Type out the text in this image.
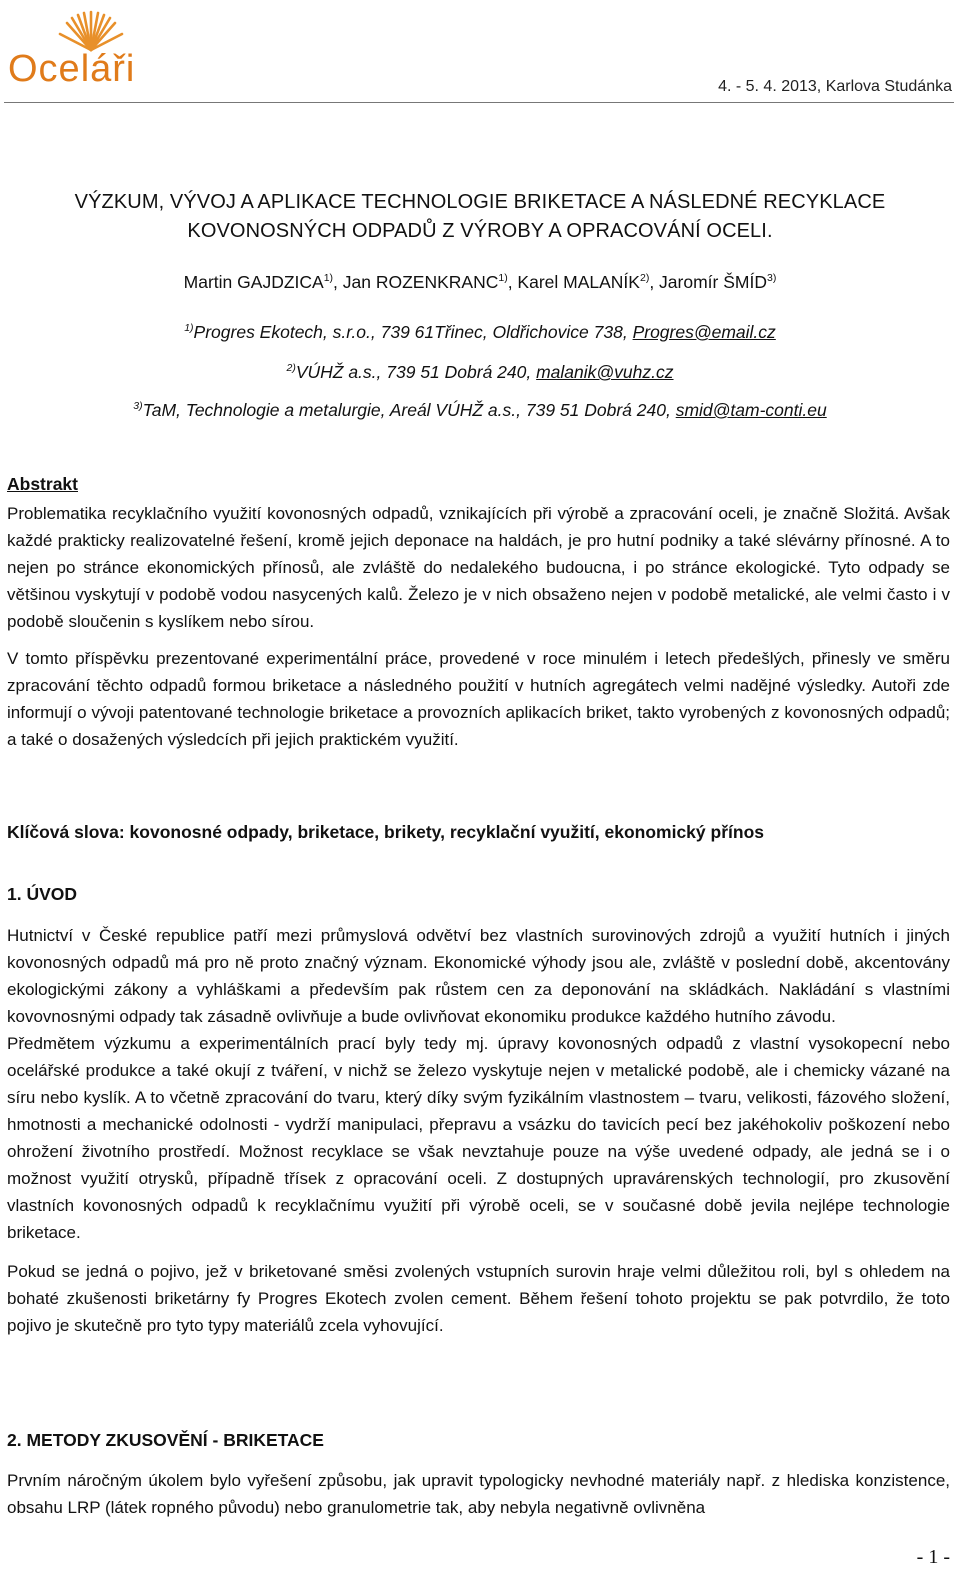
Oceláři	4. - 5. 4. 2013, Karlova Studánka
VÝZKUM, VÝVOJ A APLIKACE TECHNOLOGIE BRIKETACE A NÁSLEDNÉ RECYKLACE
KOVONOSNÝCH ODPADŮ Z VÝROBY A OPRACOVÁNÍ OCELI.
Martin GAJDZICA$^{1)}$, Jan ROZENKRANC$^{1)}$, Karel MALANÍK$^{2)}$, Jaromír ŠMÍD$^{3)}$
$^{1)}$Progres Ekotech, s.r.o., 739 61Třinec, Oldřichovice 738, Progres@email.cz
$^{2)}$VÚHŽ a.s., 739 51 Dobrá 240, malanik@vuhz.cz
$^{3)}$TaM, Technologie a metalurgie, Areál VÚHŽ a.s., 739 51 Dobrá 240, smid@tam-conti.eu
Abstrakt

Problematika recyklačního využití kovonosných odpadů, vznikajících při výrobě a zpracování oceli, je značně Složitá. Avšak každé prakticky realizovatelné řešení, kromě jejich deponace na haldách, je pro hutní podniky a také slévárny přínosné. A to nejen po stránce ekonomických přínosů, ale zvláště do nedalekého budoucna, i po stránce ekologické. Tyto odpady se většinou vyskytují v podobě vodou nasycených kalů. Železo je v nich obsaženo nejen v podobě metalické, ale velmi často i v podobě sloučenin s kyslíkem nebo sírou.

V tomto příspěvku prezentované experimentální práce, provedené v roce minulém i letech předešlých, přinesly ve směru zpracování těchto odpadů formou briketace a následného použití v hutních agregátech velmi nadějné výsledky. Autoři zde informují o vývoji patentované technologie briketace a provozních aplikacích briket, takto vyrobených z kovonosných odpadů; a také o dosažených výsledcích při jejich praktickém využití.

Klíčová slova: kovonosné odpady, briketace, brikety, recyklační využití, ekonomický přínos
1. ÚVOD

Hutnictví v České republice patří mezi průmyslová odvětví bez vlastních surovinových zdrojů a využití hutních i jiných kovonosných odpadů má pro ně proto značný význam. Ekonomické výhody jsou ale, zvláště v poslední době, akcentovány ekologickými zákony a vyhláškami a především pak růstem cen za deponování na skládkách. Nakládání s vlastními kovovnosnými odpady tak zásadně ovlivňuje a bude ovlivňovat ekonomiku produkce každého hutního závodu.

Předmětem výzkumu a experimentálních prací byly tedy mj. úpravy kovonosných odpadů z vlastní vysokopecní nebo ocelářské produkce a také okují z tváření, v nichž se železo vyskytuje nejen v metalické podobě, ale i chemicky vázané na síru nebo kyslík. A to včetně zpracování do tvaru, který díky svým fyzikálním vlastnostem – tvaru, velikosti, fázového složení, hmotnosti a mechanické odolnosti - vydrží manipulaci, přepravu a vsázku do tavicích pecí bez jakéhokoliv poškození nebo ohrožení životního prostředí. Možnost recyklace se však nevztahuje pouze na výše uvedené odpady, ale jedná se i o možnost využití otrysků, případně třísek z opracování oceli. Z dostupných upravárenských technologií, pro zkusovění vlastních kovonosných odpadů k recyklačnímu využití při výrobě oceli, se v současné době jevila nejlépe technologie briketace.

Pokud se jedná o pojivo, jež v briketované směsi zvolených vstupních surovin hraje velmi důležitou roli, byl s ohledem na bohaté zkušenosti briketárny fy Progres Ekotech zvolen cement. Během řešení tohoto projektu se pak potvrdilo, že toto pojivo je skutečně pro tyto typy materiálů zcela vyhovující.

2. METODY ZKUSOVĚNÍ - BRIKETACE

Prvním náročným úkolem bylo vyřešení způsobu, jak upravit typologicky nevhodné materiály např. z hlediska konzistence, obsahu LRP (látek ropného původu) nebo granulometrie tak, aby nebyla negativně ovlivněna

- 1 -
